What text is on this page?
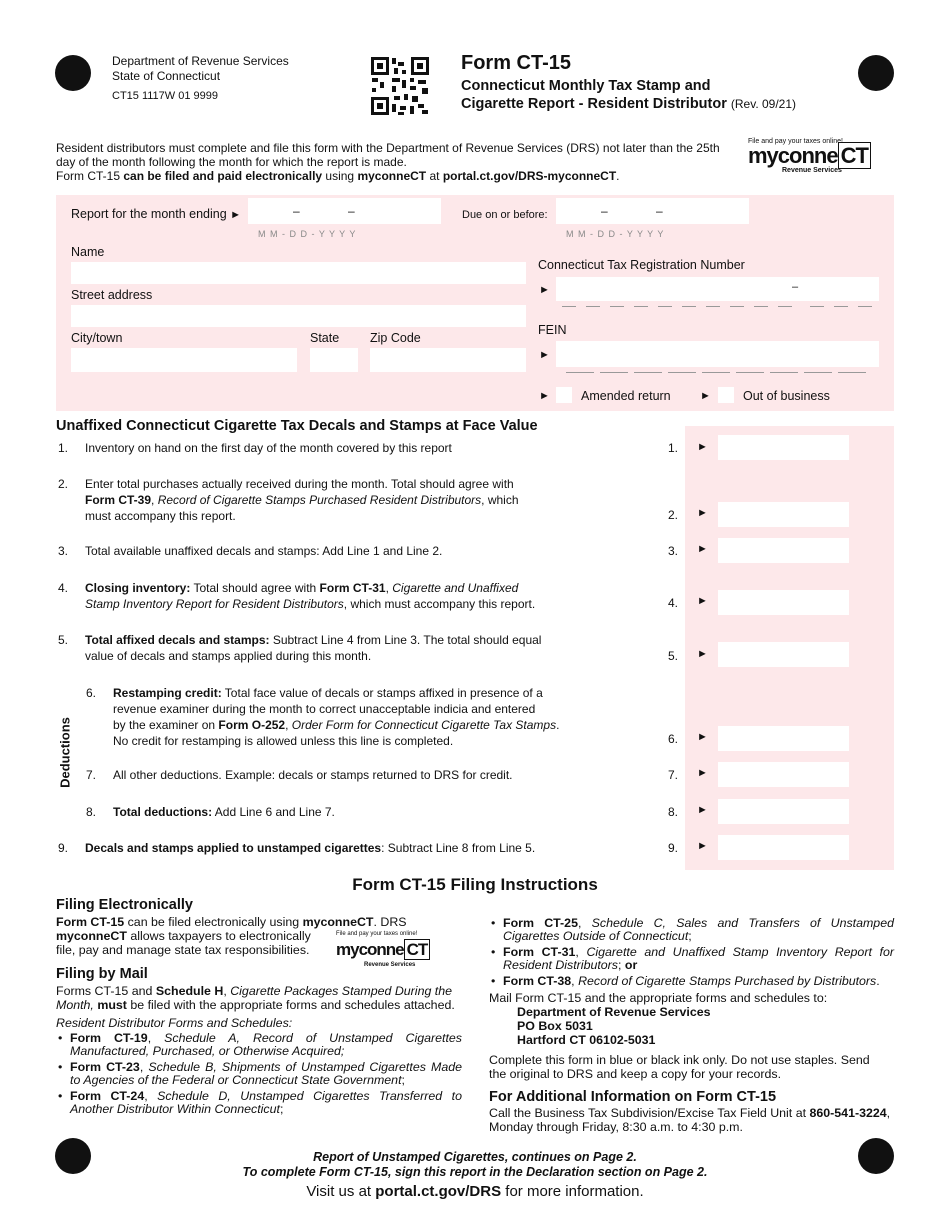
Department of Revenue Services
State of Connecticut
CT15 1117W 01 9999
Form CT-15
Connecticut Monthly Tax Stamp and
Cigarette Report - Resident Distributor (Rev. 09/21)
Resident distributors must complete and file this form with the Department of Revenue Services (DRS) not later than the 25th
day of the month following the month for which the report is made.
Form CT-15 can be filed and paid electronically using myconneCT at portal.ct.gov/DRS-myconneCT.
File and pay your taxes online!
myconne CT
Revenue Services
Report for the month ending ►	–	–
M M - D D - Y Y Y Y
Due on or before:	–	–
M M - D D - Y Y Y Y
Name
Street address
City/town	State Zip Code
Connecticut Tax Registration Number
►	–
FEIN
►
► Amended return	►	Out of business
Unaffixed Connecticut Cigarette Tax Decals and Stamps at Face Value
Deductions
1. Inventory on hand on the first day of the month covered by this report	1. ►
2. Enter total purchases actually received during the month. Total should agree with
Form CT-39, Record of Cigarette Stamps Purchased Resident Distributors, which
must accompany this report.	2. ►
3. Total available unaffixed decals and stamps: Add Line 1 and Line 2.	3. ►
4. Closing inventory: Total should agree with Form CT-31, Cigarette and Unaffixed
Stamp Inventory Report for Resident Distributors, which must accompany this report.	4. ►
5. Total affixed decals and stamps: Subtract Line 4 from Line 3. The total should equal
value of decals and stamps applied during this month.	5. ►
6. Restamping credit: Total face value of decals or stamps affixed in presence of a
revenue examiner during the month to correct unacceptable indicia and entered
by the examiner on Form O-252, Order Form for Connecticut Cigarette Tax Stamps.
No credit for restamping is allowed unless this line is completed.	6. ►
7.	All other deductions. Example: decals or stamps returned to DRS for credit.	7. ►
8. Total deductions: Add Line 6 and Line 7.	8. ►
9. Decals and stamps applied to unstamped cigarettes: Subtract Line 8 from Line 5.	9. ►
Form CT-15 Filing Instructions
Filing Electronically
Form CT-15 can be filed electronically using myconneCT. DRS
myconneCT allows taxpayers to electronically
file, pay and manage state tax responsibilities.
File and pay your taxes online!
myconne CT
Revenue Services
Filing by Mail
Forms CT-15 and Schedule H, Cigarette Packages Stamped During the
Month, must be filed with the appropriate forms and schedules attached.
Resident Distributor Forms and Schedules:
• Form CT-19, Schedule A, Record of Unstamped Cigarettes Manufactured, Purchased, or Otherwise Acquired;
• Form CT-23, Schedule B, Shipments of Unstamped Cigarettes Made to Agencies of the Federal or Connecticut State Government;
• Form CT-24, Schedule D, Unstamped Cigarettes Transferred to Another Distributor Within Connecticut;
• Form CT-25, Schedule C, Sales and Transfers of Unstamped Cigarettes Outside of Connecticut;
• Form CT-31, Cigarette and Unaffixed Stamp Inventory Report for Resident Distributors; or
• Form CT-38, Record of Cigarette Stamps Purchased by Distributors.
Mail Form CT-15 and the appropriate forms and schedules to:
Department of Revenue Services
PO Box 5031
Hartford CT 06102-5031
Complete this form in blue or black ink only. Do not use staples. Send
the original to DRS and keep a copy for your records.
For Additional Information on Form CT-15
Call the Business Tax Subdivision/Excise Tax Field Unit at 860-541-3224,
Monday through Friday, 8:30 a.m. to 4:30 p.m.
Report of Unstamped Cigarettes, continues on Page 2.
To complete Form CT-15, sign this report in the Declaration section on Page 2.
Visit us at portal.ct.gov/DRS for more information.
